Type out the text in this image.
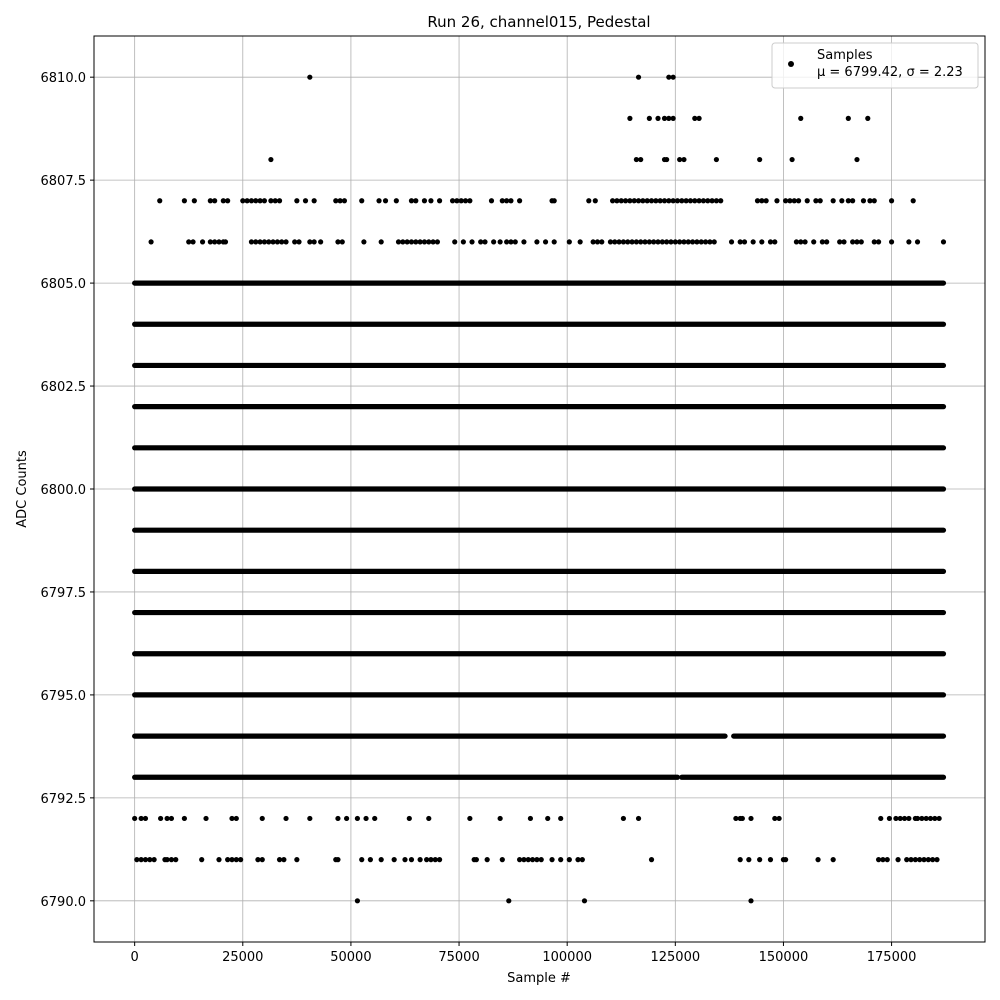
0	25000	50000	75000	100000	125000	150000	175000
6790.0
6792.5
6795.0
6797.5
6800.0
6802.5
6805.0
6807.5
6810.0
Run 26, channel015, Pedestal
Sample #
ADC Counts
Samples
μ = 6799.42, σ = 2.23
